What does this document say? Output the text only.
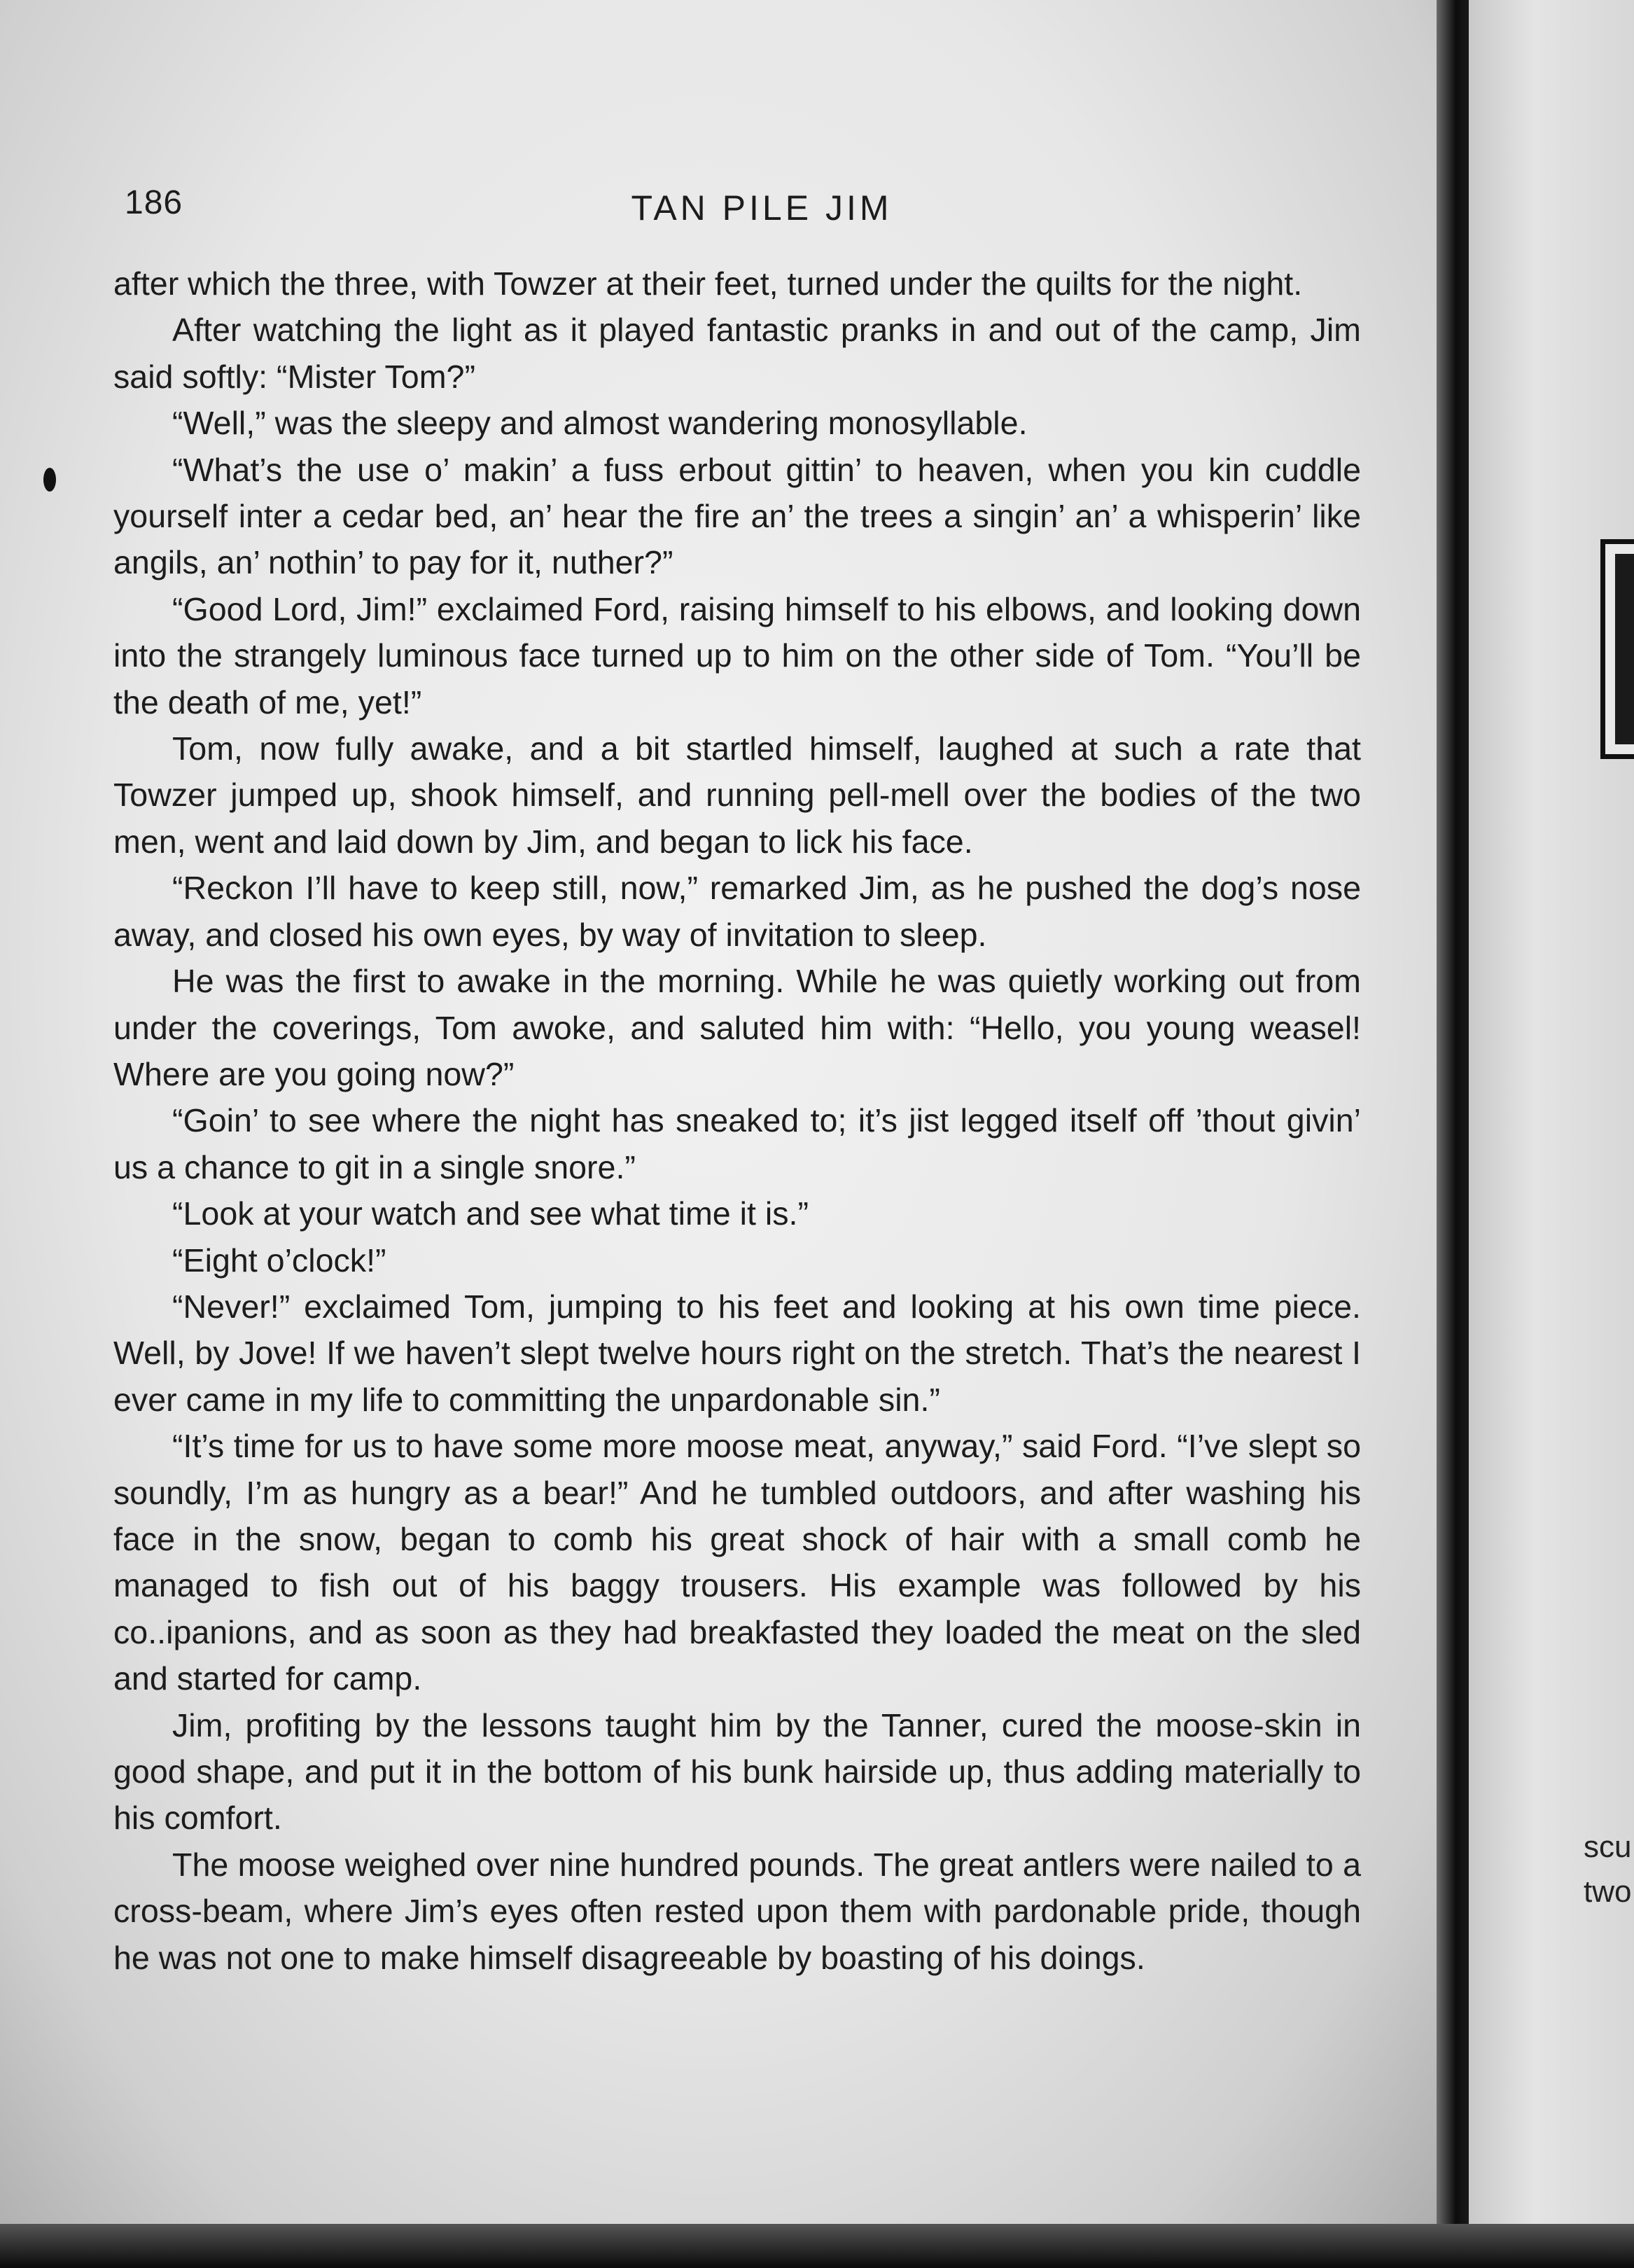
186	TAN PILE JIM

after which the three, with Towzer at their feet, turned under the quilts for the night.

After watching the light as it played fantastic pranks in and out of the camp, Jim said softly: “Mister Tom?”

“Well,” was the sleepy and almost wandering monosyllable.

“What’s the use o’ makin’ a fuss erbout gittin’ to heaven, when you kin cuddle yourself inter a cedar bed, an’ hear the fire an’ the trees a singin’ an’ a whisperin’ like angils, an’ nothin’ to pay for it, nuther?”

“Good Lord, Jim!” exclaimed Ford, raising himself to his elbows, and looking down into the strangely luminous face turned up to him on the other side of Tom. “You’ll be the death of me, yet!”

Tom, now fully awake, and a bit startled himself, laughed at such a rate that Towzer jumped up, shook himself, and running pell-mell over the bodies of the two men, went and laid down by Jim, and began to lick his face.

“Reckon I’ll have to keep still, now,” remarked Jim, as he pushed the dog’s nose away, and closed his own eyes, by way of invitation to sleep.

He was the first to awake in the morning. While he was quietly working out from under the coverings, Tom awoke, and saluted him with: “Hello, you young weasel! Where are you going now?”

“Goin’ to see where the night has sneaked to; it’s jist legged itself off ’thout givin’ us a chance to git in a single snore.”

“Look at your watch and see what time it is.”

“Eight o’clock!”

“Never!” exclaimed Tom, jumping to his feet and looking at his own time piece. Well, by Jove! If we haven’t slept twelve hours right on the stretch. That’s the nearest I ever came in my life to committing the unpardonable sin.”

“It’s time for us to have some more moose meat, anyway,” said Ford. “I’ve slept so soundly, I’m as hungry as a bear!” And he tumbled outdoors, and after washing his face in the snow, began to comb his great shock of hair with a small comb he managed to fish out of his baggy trousers. His example was followed by his co..ipanions, and as soon as they had breakfasted they loaded the meat on the sled and started for camp.

Jim, profiting by the lessons taught him by the Tanner, cured the moose-skin in good shape, and put it in the bottom of his bunk hairside up, thus adding materially to his comfort.

The moose weighed over nine hundred pounds. The great antlers were nailed to a cross-beam, where Jim’s eyes often rested upon them with pardonable pride, though he was not one to make himself disagreeable by boasting of his doings.

scu
two
